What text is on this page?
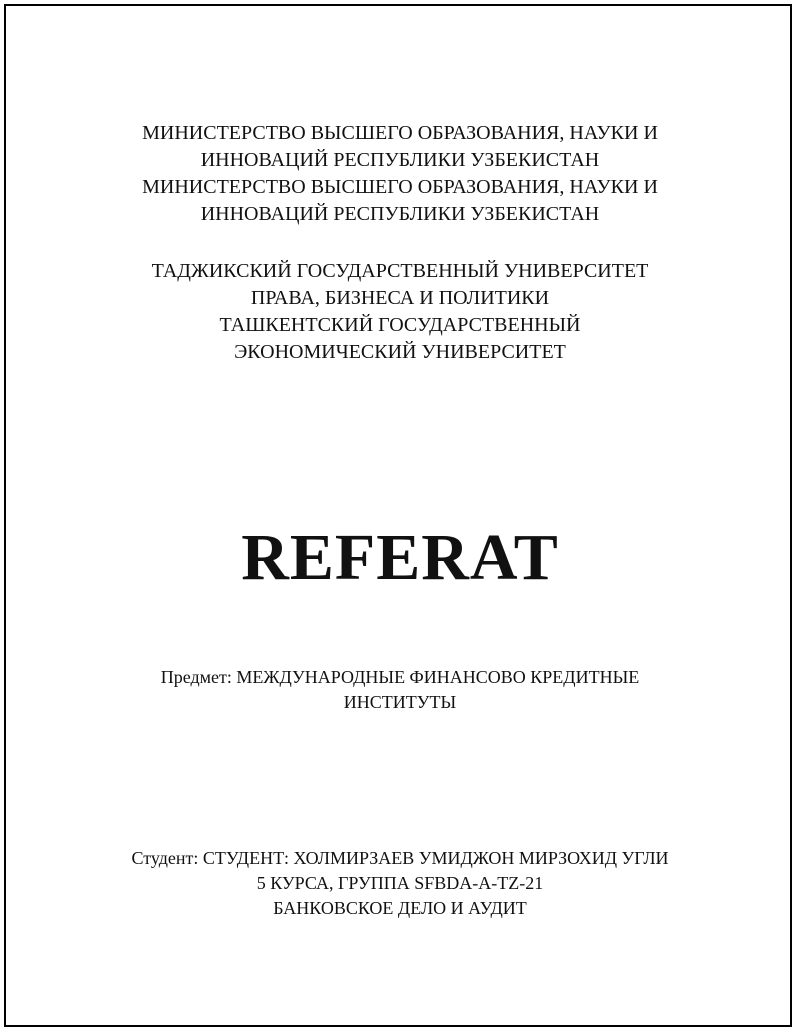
МИНИСТЕРСТВО ВЫСШЕГО ОБРАЗОВАНИЯ, НАУКИ И
ИННОВАЦИЙ РЕСПУБЛИКИ УЗБЕКИСТАН
МИНИСТЕРСТВО ВЫСШЕГО ОБРАЗОВАНИЯ, НАУКИ И
ИННОВАЦИЙ РЕСПУБЛИКИ УЗБЕКИСТАН
ТАДЖИКСКИЙ ГОСУДАРСТВЕННЫЙ УНИВЕРСИТЕТ
ПРАВА, БИЗНЕСА И ПОЛИТИКИ
ТАШКЕНТСКИЙ ГОСУДАРСТВЕННЫЙ
ЭКОНОМИЧЕСКИЙ УНИВЕРСИТЕТ
REFERAT
Предмет: МЕЖДУНАРОДНЫЕ ФИНАНСОВО КРЕДИТНЫЕ
ИНСТИТУТЫ
Студент: СТУДЕНТ: ХОЛМИРЗАЕВ УМИДЖОН МИРЗОХИД УГЛИ
5 КУРСА, ГРУППА SFBDA-A-TZ-21
БАНКОВСКОЕ ДЕЛО И АУДИТ
